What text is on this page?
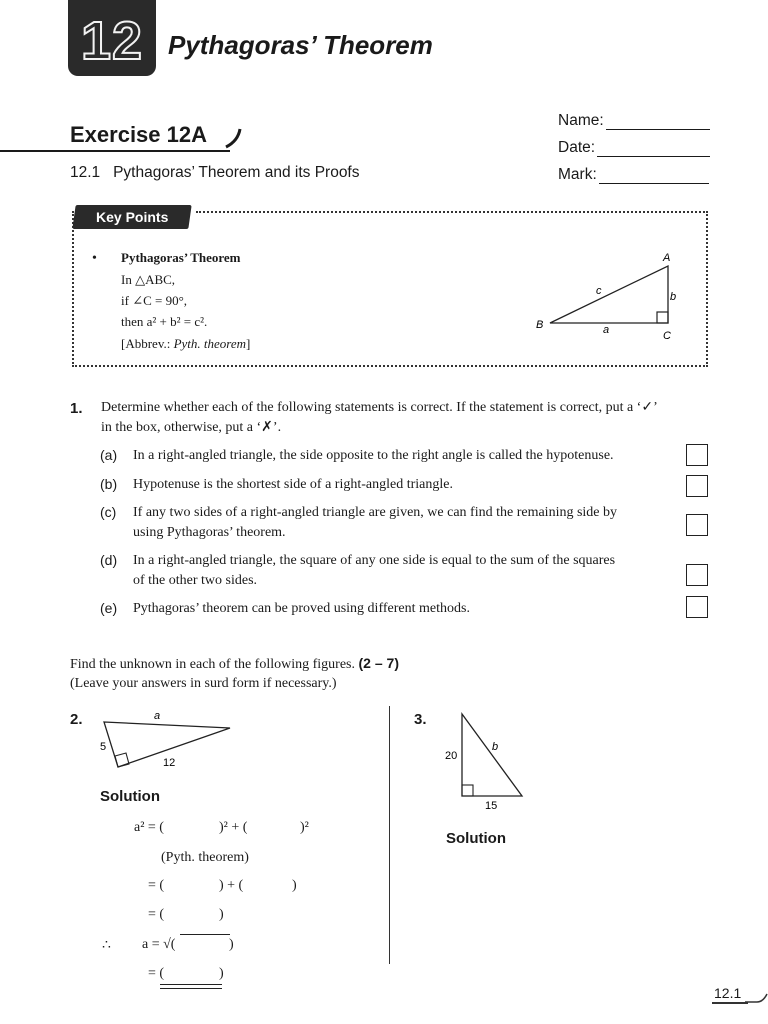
12 Pythagoras’ Theorem
Exercise 12A
12.1   Pythagoras’ Theorem and its Proofs
Name:
Date:
Mark:
Key Points
• Pythagoras’ Theorem
In △ABC,
if ∠C = 90°,
then a² + b² = c².
[Abbrev.: Pyth. theorem]
A
B
C
a
b
c
1. Determine whether each of the following statements is correct. If the statement is correct, put a ‘✓’
in the box, otherwise, put a ‘✗’.
(a) In a right-angled triangle, the side opposite to the right angle is called the hypotenuse.
(b) Hypotenuse is the shortest side of a right-angled triangle.
(c) If any two sides of a right-angled triangle are given, we can find the remaining side by
using Pythagoras’ theorem.
(d) In a right-angled triangle, the square of any one side is equal to the sum of the squares
of the other two sides.
(e) Pythagoras’ theorem can be proved using different methods.
Find the unknown in each of the following figures. (2 – 7)
(Leave your answers in surd form if necessary.)
2.	a
5
12
Solution
a² = (	)² + (	)²
(Pyth. theorem)
= (	) + (	)
= (	)
∴ a = √(	)
= (	)
3.
20
b
15
Solution
12.1
